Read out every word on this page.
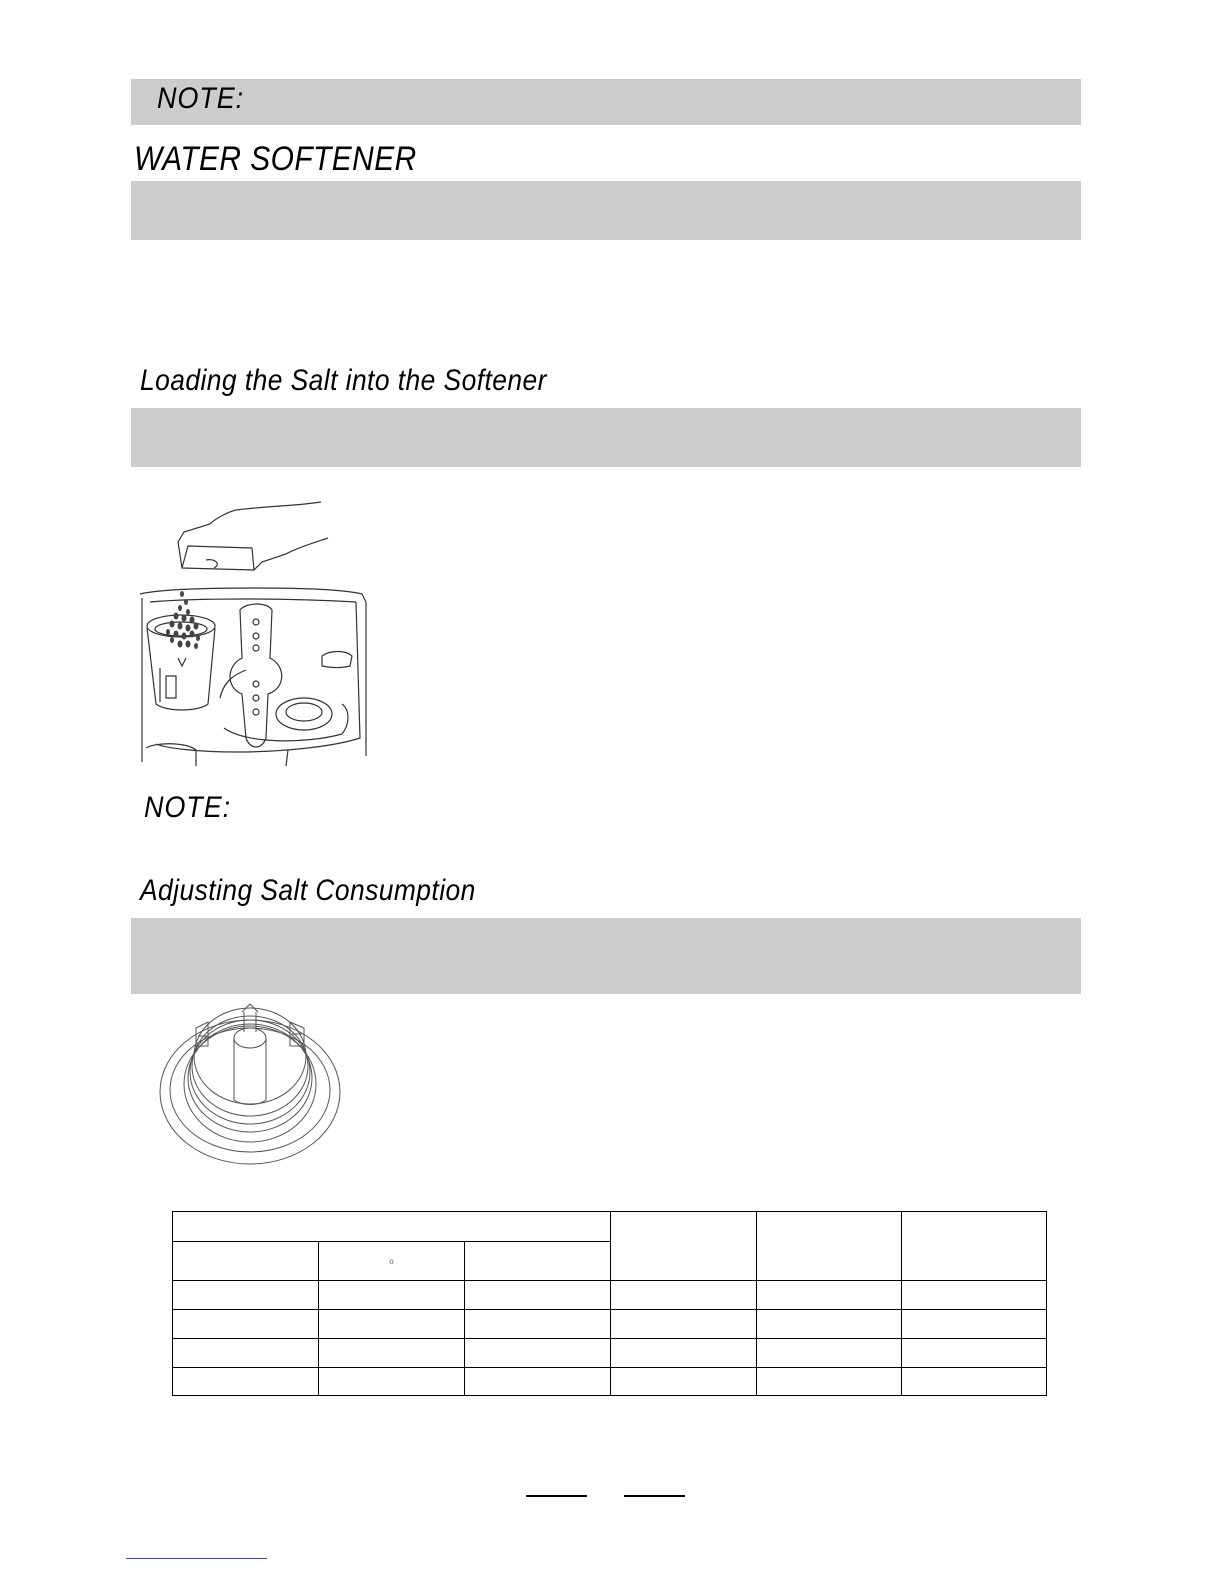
NOTE:
WATER SOFTENER
Loading the Salt into the Softener
NOTE:
Adjusting Salt Consumption

	o				
